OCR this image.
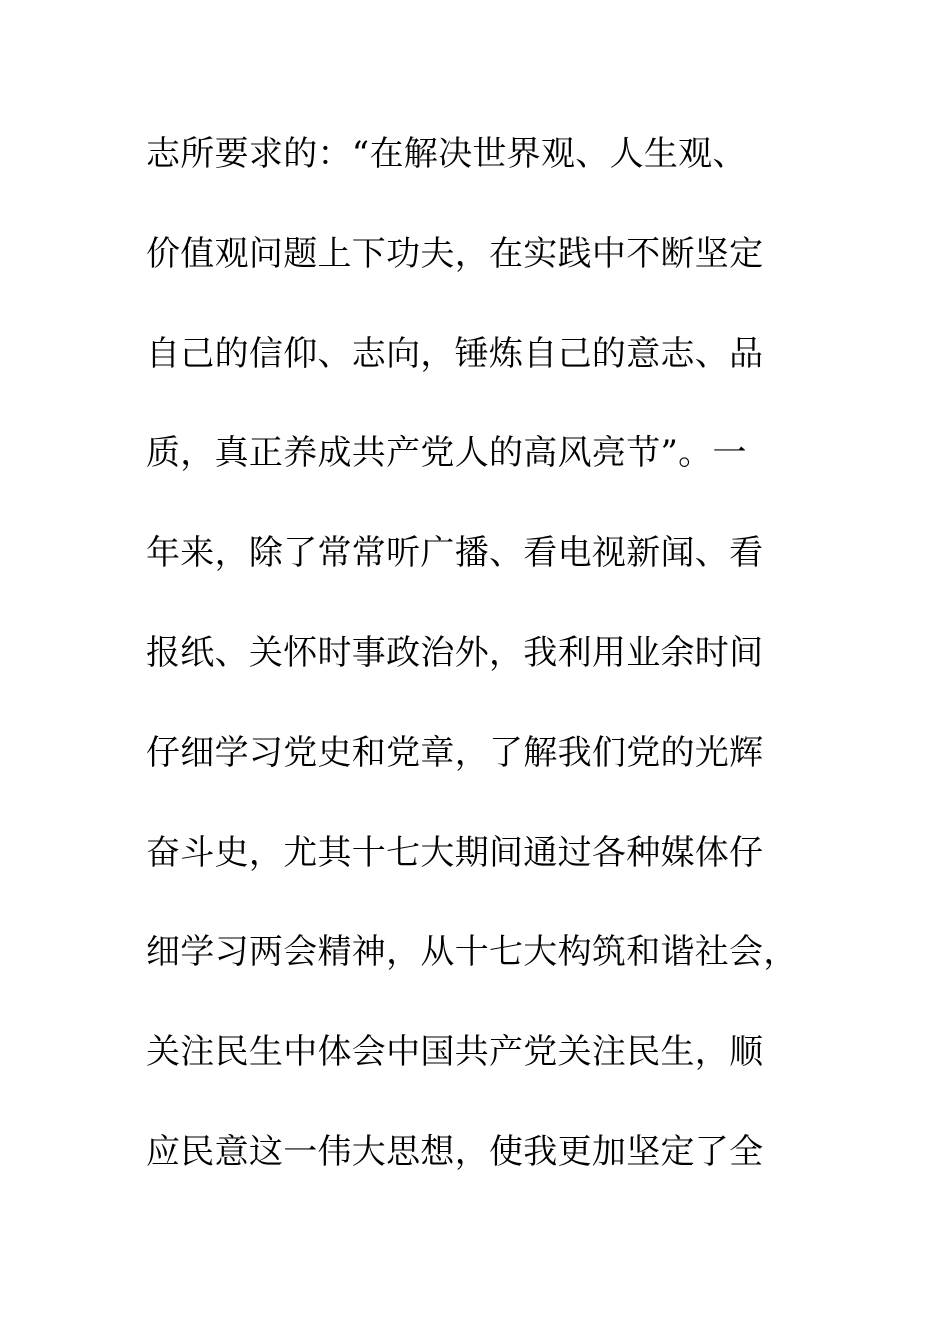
志所要求的：“在解决世界观、人生观、
价值观问题上下功夫，在实践中不断坚定
自己的信仰、志向，锤炼自己的意志、品
质，真正养成共产党人的高风亮节”。一
年来，除了常常听广播、看电视新闻、看
报纸、关怀时事政治外，我利用业余时间
仔细学习党史和党章，了解我们党的光辉
奋斗史，尤其十七大期间通过各种媒体仔
细学习两会精神，从十七大构筑和谐社会，
关注民生中体会中国共产党关注民生，顺
应民意这一伟大思想，使我更加坚定了全
